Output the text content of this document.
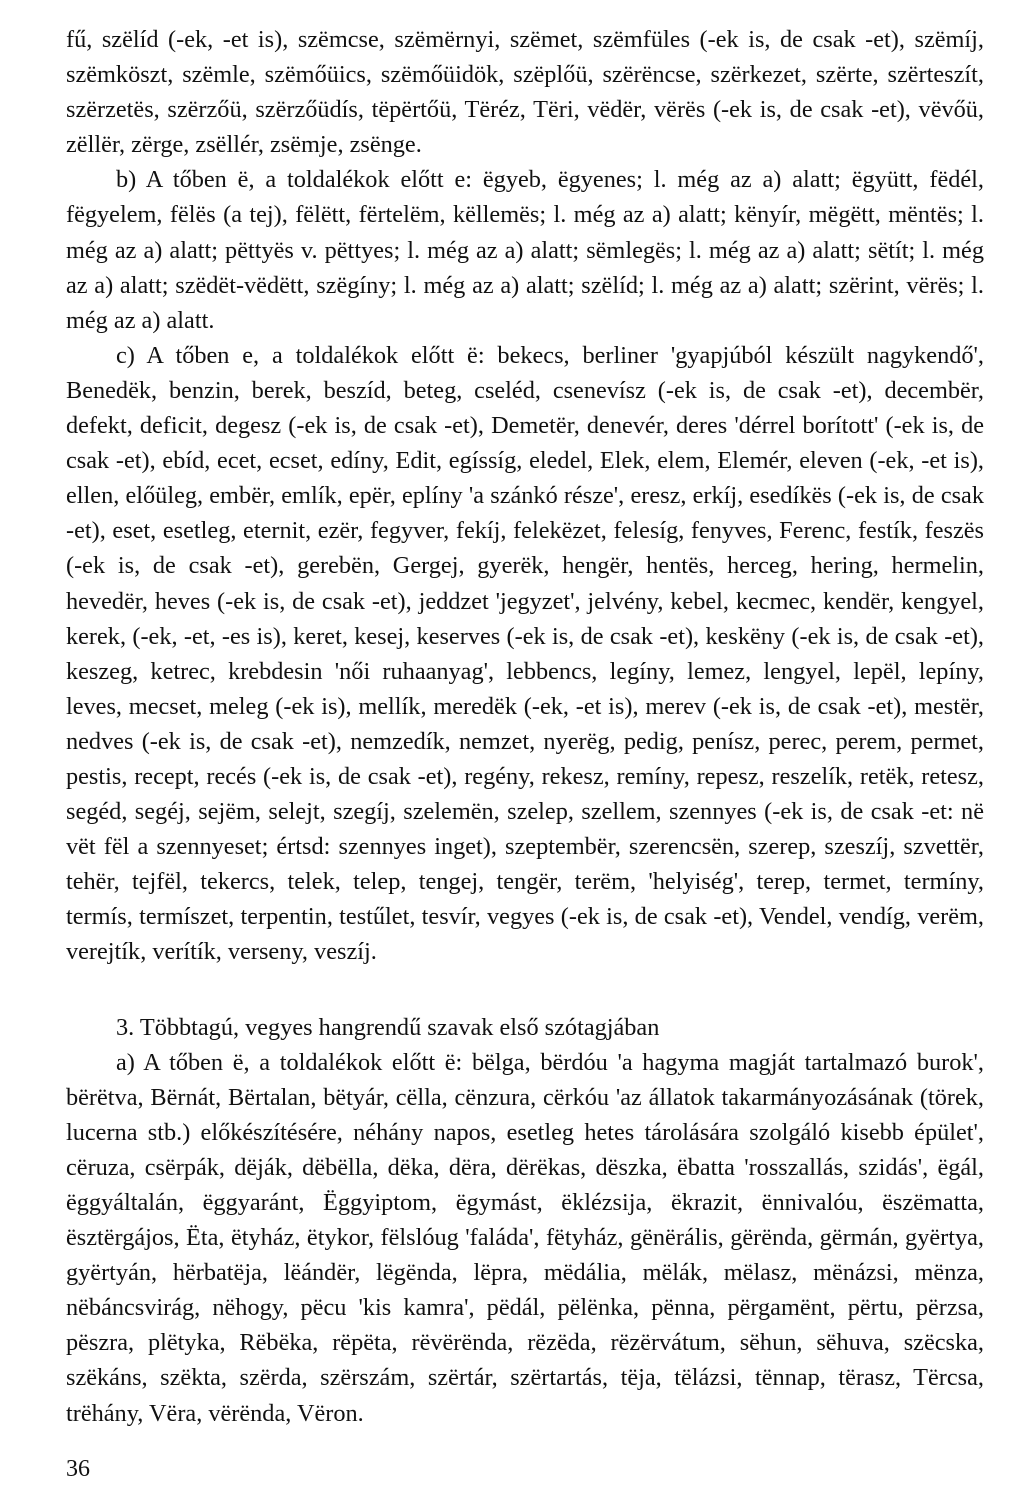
fű, szëlíd (-ek, -et is), szëmcse, szëmërnyi, szëmet, szëmfüles (-ek is, de csak -et), szëmíj, szëmköszt, szëmle, szëmőüics, szëmőüidök, szëplőü, szërëncse, szërkezet, szërte, szërteszít, szërzetës, szërzőü, szërzőüdís, tëpërtőü, Tëréz, Tëri, vëdër, vërës (-ek is, de csak -et), vëvőü, zëllër, zërge, zsëllér, zsëmje, zsënge.

b) A tőben ë, a toldalékok előtt e: ëgyeb, ëgyenes; l. még az a) alatt; ëgyütt, fëdél, fëgyelem, fëlës (a tej), fëlëtt, fërtelëm, këllemës; l. még az a) alatt; kënyír, mëgëtt, mëntës; l. még az a) alatt; pëttyës v. pëttyes; l. még az a) alatt; sëmlegës; l. még az a) alatt; sëtít; l. még az a) alatt; szëdët-vëdëtt, szëgíny; l. még az a) alatt; szëlíd; l. még az a) alatt; szërint, vërës; l. még az a) alatt.

c) A tőben e, a toldalékok előtt ë: bekecs, berliner 'gyapjúból készült nagykendő', Benedëk, benzin, berek, beszíd, beteg, cseléd, csenevísz (-ek is, de csak -et), decembër, defekt, deficit, degesz (-ek is, de csak -et), Demetër, denevér, deres 'dérrel borított' (-ek is, de csak -et), ebíd, ecet, ecset, edíny, Edit, egíssíg, eledel, Elek, elem, Elemér, eleven (-ek, -et is), ellen, előüleg, embër, emlík, epër, eplíny 'a szánkó része', eresz, erkíj, esedíkës (-ek is, de csak -et), eset, esetleg, eternit, ezër, fegyver, fekíj, felekëzet, felesíg, fenyves, Ferenc, festík, feszës (-ek is, de csak -et), gerebën, Gergej, gyerëk, hengër, hentës, herceg, hering, hermelin, hevedër, heves (-ek is, de csak -et), jeddzet 'jegyzet', jelvény, kebel, kecmec, kendër, kengyel, kerek, (-ek, -et, -es is), keret, kesej, keserves (-ek is, de csak -et), keskëny (-ek is, de csak -et), keszeg, ketrec, krebdesin 'női ruhaanyag', lebbencs, legíny, lemez, lengyel, lepël, lepíny, leves, mecset, meleg (-ek is), mellík, meredëk (-ek, -et is), merev (-ek is, de csak -et), mestër, nedves (-ek is, de csak -et), nemzedík, nemzet, nyerëg, pedig, penísz, perec, perem, permet, pestis, recept, recés (-ek is, de csak -et), regény, rekesz, remíny, repesz, reszelík, retëk, retesz, segéd, segéj, sejëm, selejt, szegíj, szelemën, szelep, szellem, szennyes (-ek is, de csak -et: në vët fël a szennyeset; értsd: szennyes inget), szeptembër, szerencsën, szerep, szeszíj, szvettër, tehër, tejfël, tekercs, telek, telep, tengej, tengër, terëm, 'helyiség', terep, termet, termíny, termís, termíszet, terpentin, testűlet, tesvír, vegyes (-ek is, de csak -et), Vendel, vendíg, verëm, verejtík, verítík, verseny, veszíj.

3. Többtagú, vegyes hangrendű szavak első szótagjában

a) A tőben ë, a toldalékok előtt ë: bëlga, bërdóu 'a hagyma magját tartalmazó burok', bërëtva, Bërnát, Bërtalan, bëtyár, cëlla, cënzura, cërkóu 'az állatok takarmányozásának (törek, lucerna stb.) előkészítésére, néhány napos, esetleg hetes tárolására szolgáló kisebb épület', cëruza, csërpák, dëják, dëbëlla, dëka, dëra, dërëkas, dëszka, ëbatta 'rosszallás, szidás', ëgál, ëggyáltalán, ëggyaránt, Ëggyiptom, ëgymást, ëklézsija, ëkrazit, ënnivalóu, ëszëmatta, ësztërgájos, Ëta, ëtyház, ëtykor, fëlslóug 'faláda', fëtyház, gënërális, gërënda, gërmán, gyërtya, gyërtyán, hërbatëja, lëándër, lëgënda, lëpra, mëdália, mëlák, mëlasz, mënázsi, mënza, nëbáncsvirág, nëhogy, pëcu 'kis kamra', pëdál, pëlënka, pënna, përgamënt, përtu, përzsa, pëszra, plëtyka, Rëbëka, rëpëta, rëvërënda, rëzëda, rëzërvátum, sëhun, sëhuva, szëcska, szëkáns, szëkta, szërda, szërszám, szërtár, szërtartás, tëja, tëlázsi, tënnap, tërasz, Tërcsa, trëhány, Vëra, vërënda, Vëron.

36
